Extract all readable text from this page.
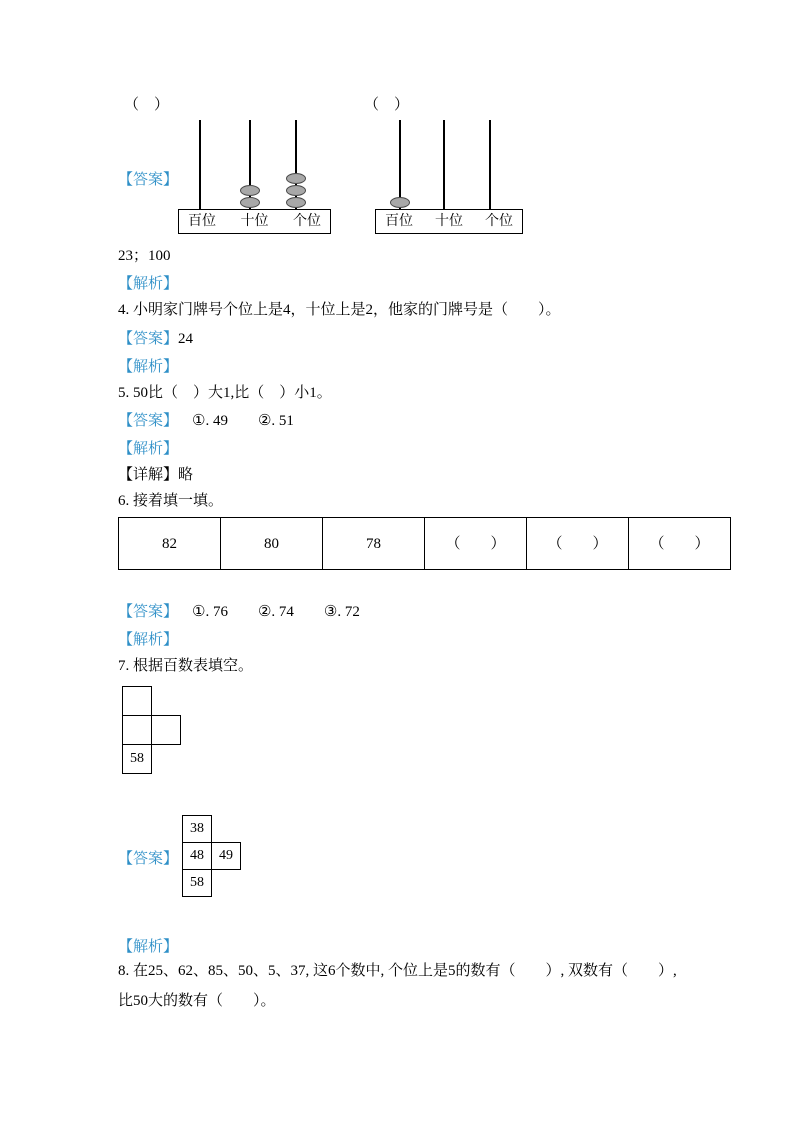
（　）	（　）
百位 十位 个位	百位 十位 个位
【答案】
23；100
【解析】
4. 小明家门牌号个位上是4，十位上是2，他家的门牌号是（　　）。
【答案】24
【解析】
5. 50比（　）大1,比（　）小1。
【答案】 ①. 49　　②. 51
【解析】
【详解】略
6. 接着填一填。
82	80	78	（　　）	（　　）	（　　）
【答案】 ①. 76　　②. 74　　③. 72
【解析】
7. 根据百数表填空。
58
【答案】
38
48	49
58
【解析】
8. 在25、62、85、50、5、37, 这6个数中, 个位上是5的数有（　　）, 双数有（　　）,
比50大的数有（　　）。
